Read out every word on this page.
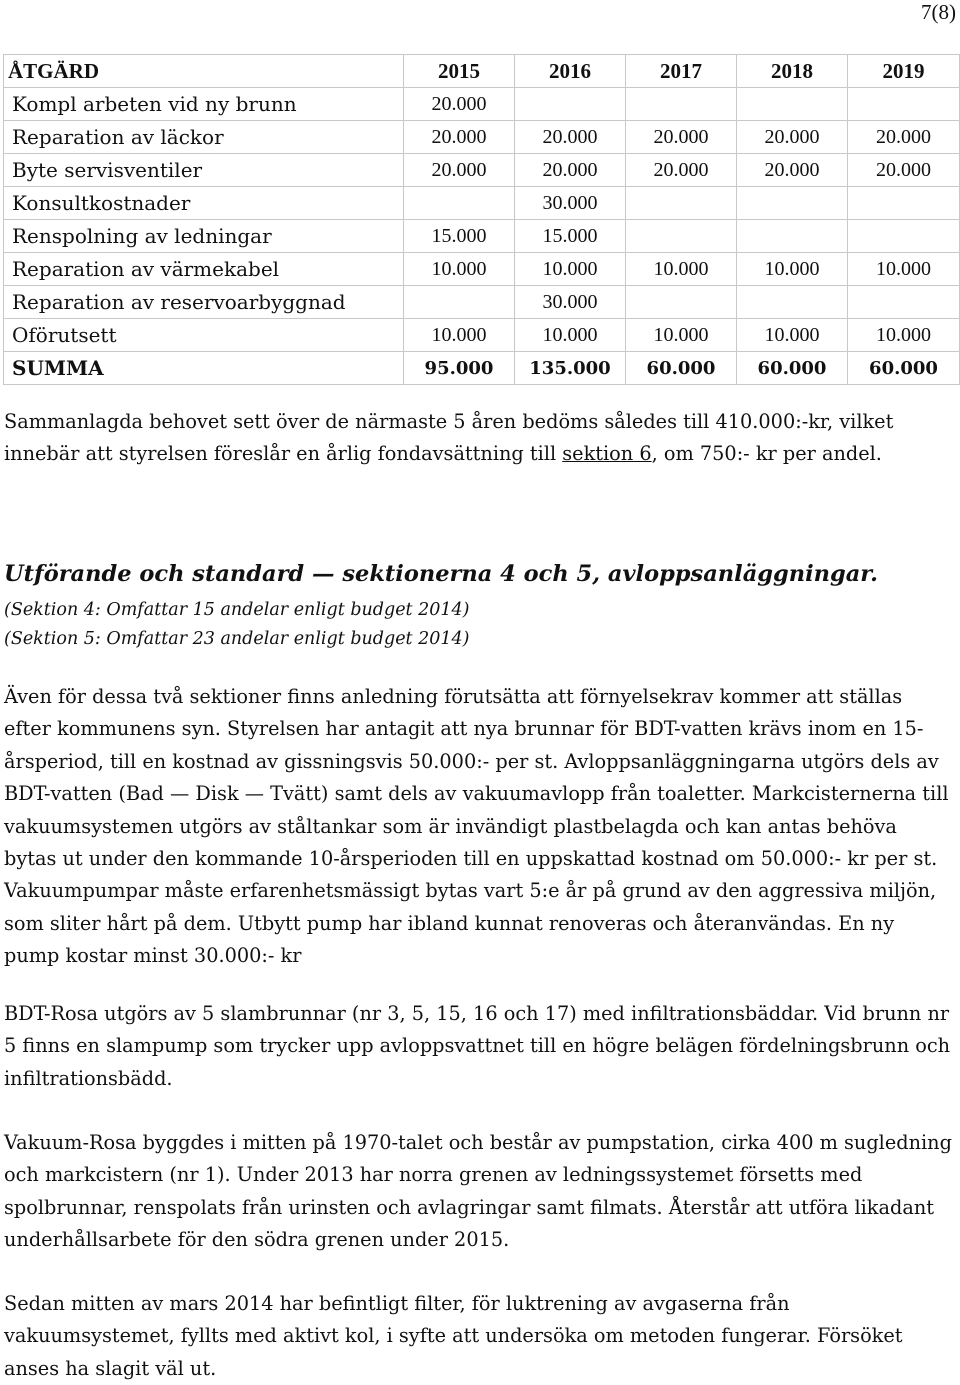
7(8)
ÅTGÄRD	2015	2016	2017	2018	2019
Kompl arbeten vid ny brunn	20.000				
Reparation av läckor	20.000	20.000	20.000	20.000	20.000
Byte servisventiler	20.000	20.000	20.000	20.000	20.000
Konsultkostnader		30.000			
Renspolning av ledningar	15.000	15.000			
Reparation av värmekabel	10.000	10.000	10.000	10.000	10.000
Reparation av reservoarbyggnad		30.000			
Oförutsett	10.000	10.000	10.000	10.000	10.000
SUMMA	95.000	135.000	60.000	60.000	60.000

Sammanlagda behovet sett över de närmaste 5 åren bedöms således till 410.000:-kr, vilket innebär att styrelsen föreslår en årlig fondavsättning till sektion 6, om 750:- kr per andel.

Utförande och standard — sektionerna 4 och 5, avloppsanläggningar.
(Sektion 4: Omfattar 15 andelar enligt budget 2014)
(Sektion 5: Omfattar 23 andelar enligt budget 2014)

Även för dessa två sektioner finns anledning förutsätta att förnyelsekrav kommer att ställas efter kommunens syn. Styrelsen har antagit att nya brunnar för BDT-vatten krävs inom en 15-årsperiod, till en kostnad av gissningsvis 50.000:- per st. Avloppsanläggningarna utgörs dels av BDT-vatten (Bad — Disk — Tvätt) samt dels av vakuumavlopp från toaletter. Markcisternerna till vakuumsystemen utgörs av ståltankar som är invändigt plastbelagda och kan antas behöva bytas ut under den kommande 10-årsperioden till en uppskattad kostnad om 50.000:- kr per st. Vakuumpumpar måste erfarenhetsmässigt bytas vart 5:e år på grund av den aggressiva miljön, som sliter hårt på dem. Utbytt pump har ibland kunnat renoveras och återanvändas. En ny pump kostar minst 30.000:- kr

BDT-Rosa utgörs av 5 slambrunnar (nr 3, 5, 15, 16 och 17) med infiltrationsbäddar. Vid brunn nr 5 finns en slampump som trycker upp avloppsvattnet till en högre belägen fördelningsbrunn och infiltrationsbädd.

Vakuum-Rosa byggdes i mitten på 1970-talet och består av pumpstation, cirka 400 m sugledning och markcistern (nr 1). Under 2013 har norra grenen av ledningssystemet försetts med spolbrunnar, renspolats från urinsten och avlagringar samt filmats. Återstår att utföra likadant underhållsarbete för den södra grenen under 2015.

Sedan mitten av mars 2014 har befintligt filter, för luktrening av avgaserna från vakuumsystemet, fyllts med aktivt kol, i syfte att undersöka om metoden fungerar. Försöket anses ha slagit väl ut.
